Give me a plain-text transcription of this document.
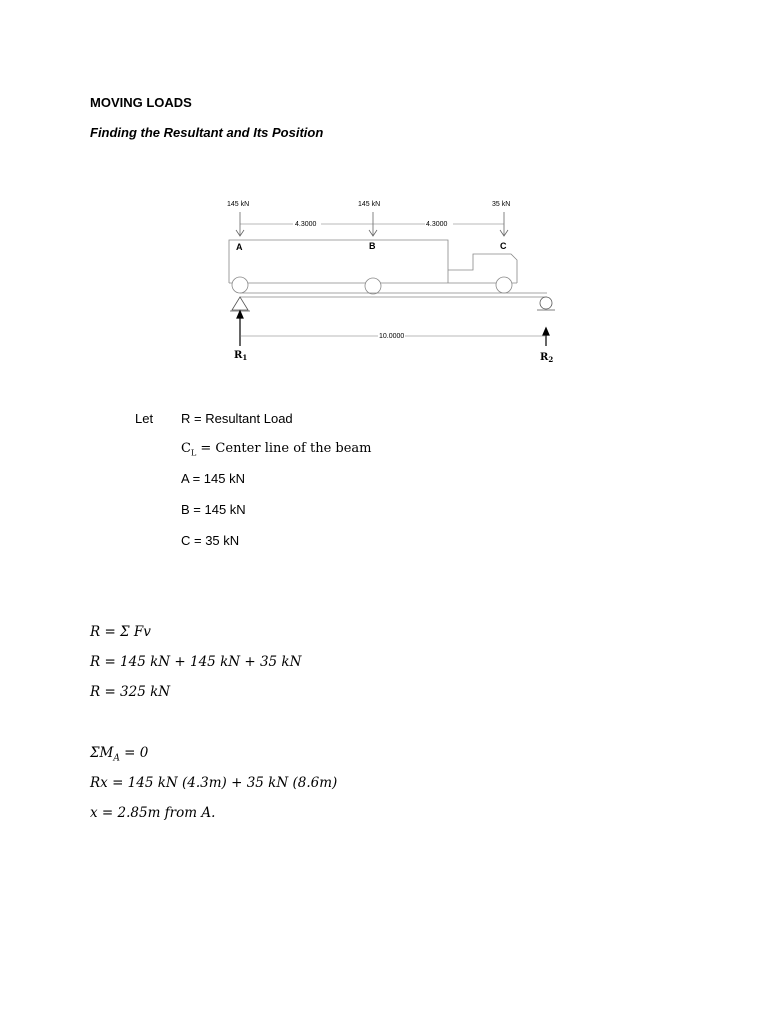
MOVING LOADS
Finding the Resultant and Its Position
145 kN	145 kN	35 kN
4.3000	4.3000
A	B	C
10.0000
$R_1$	$R_2$
Let R = Resultant Load
$C_L$ = Center line of the beam
A = 145 kN
B = 145 kN
C = 35 kN
R = Σ Fv
R = 145 kN + 145 kN + 35 kN
R = 325 kN
$\Sigma M_A = 0$
Rx = 145 kN (4.3m) + 35 kN (8.6m)
x = 2.85m from A.
